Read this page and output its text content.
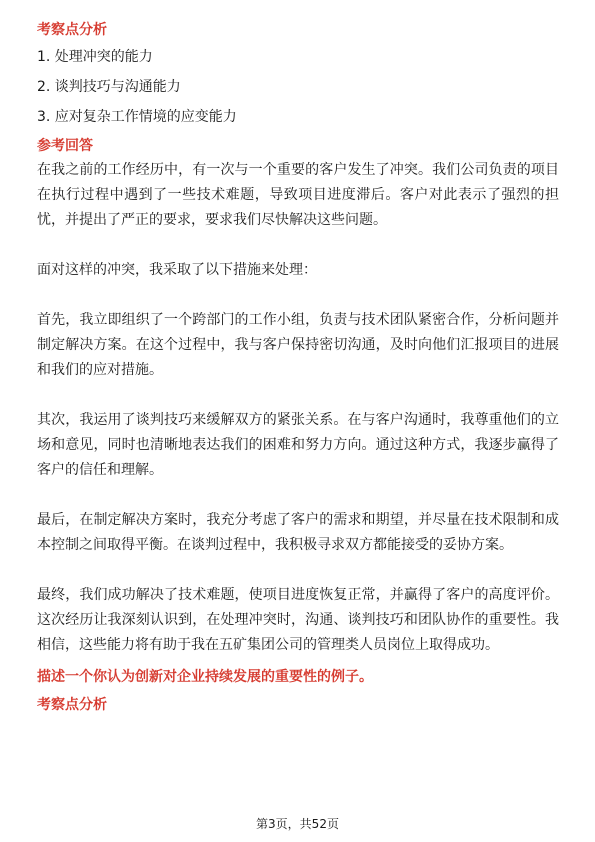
考察点分析

1. 处理冲突的能力

2. 谈判技巧与沟通能力

3. 应对复杂工作情境的应变能力

参考回答

在我之前的工作经历中，有一次与一个重要的客户发生了冲突。我们公司负责的项目在执行过程中遇到了一些技术难题，导致项目进度滞后。客户对此表示了强烈的担忧，并提出了严正的要求，要求我们尽快解决这些问题。

面对这样的冲突，我采取了以下措施来处理：

首先，我立即组织了一个跨部门的工作小组，负责与技术团队紧密合作，分析问题并制定解决方案。在这个过程中，我与客户保持密切沟通，及时向他们汇报项目的进展和我们的应对措施。

其次，我运用了谈判技巧来缓解双方的紧张关系。在与客户沟通时，我尊重他们的立场和意见，同时也清晰地表达我们的困难和努力方向。通过这种方式，我逐步赢得了客户的信任和理解。

最后，在制定解决方案时，我充分考虑了客户的需求和期望，并尽量在技术限制和成本控制之间取得平衡。在谈判过程中，我积极寻求双方都能接受的妥协方案。

最终，我们成功解决了技术难题，使项目进度恢复正常，并赢得了客户的高度评价。这次经历让我深刻认识到，在处理冲突时，沟通、谈判技巧和团队协作的重要性。我相信，这些能力将有助于我在五矿集团公司的管理类人员岗位上取得成功。

描述一个你认为创新对企业持续发展的重要性的例子。

考察点分析

第3页，共52页
